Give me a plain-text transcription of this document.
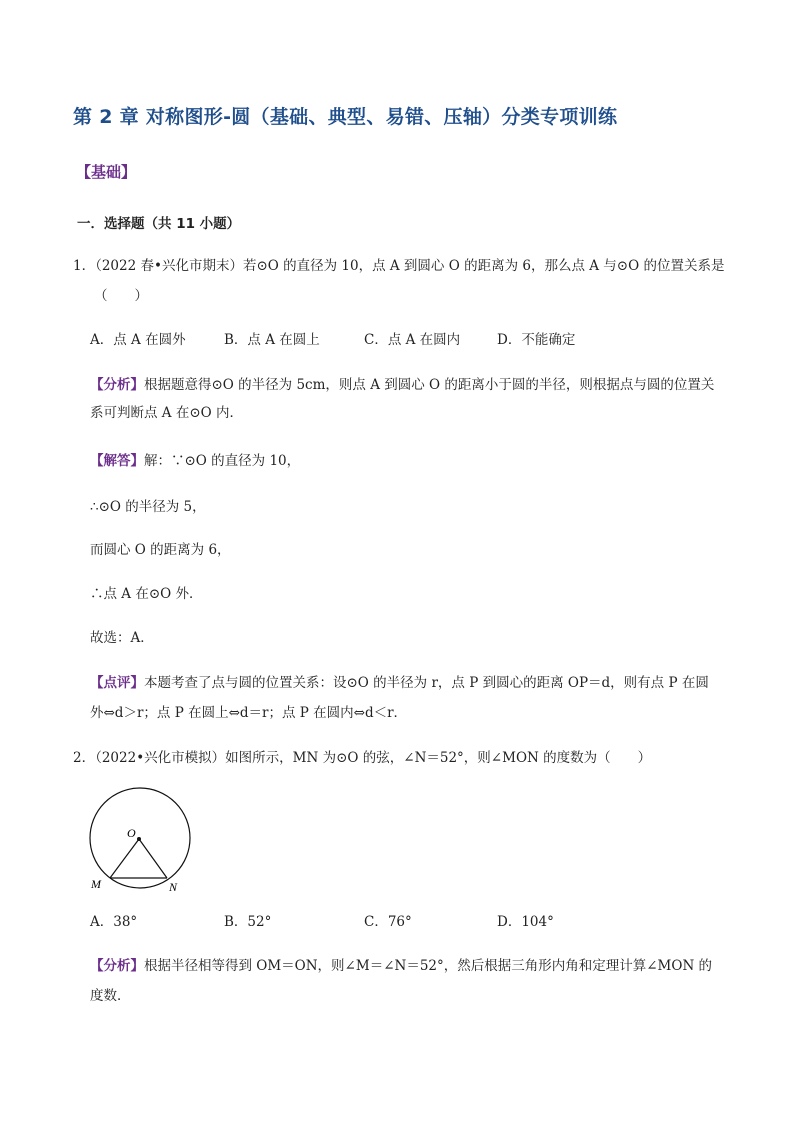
第 2 章 对称图形-圆（基础、典型、易错、压轴）分类专项训练
【基础】
一．选择题（共 11 小题）
1．（2022 春•兴化市期末）若⊙O 的直径为 10，点 A 到圆心 O 的距离为 6，那么点 A 与⊙O 的位置关系是
（　　）
A．点 A 在圆外	B．点 A 在圆上	C．点 A 在圆内	D．不能确定
【分析】根据题意得⊙O 的半径为 5cm，则点 A 到圆心 O 的距离小于圆的半径，则根据点与圆的位置关
系可判断点 A 在⊙O 内．
【解答】解：∵⊙O 的直径为 10，
∴⊙O 的半径为 5，
而圆心 O 的距离为 6，
∴点 A 在⊙O 外．
故选：A．
【点评】本题考查了点与圆的位置关系：设⊙O 的半径为 r，点 P 到圆心的距离 OP＝d，则有点 P 在圆
外⇔d＞r；点 P 在圆上⇔d＝r；点 P 在圆内⇔d＜r．
2．（2022•兴化市模拟）如图所示，MN 为⊙O 的弦，∠N＝52°，则∠MON 的度数为（　　）
O
M	N
A．38°	B．52°	C．76°	D．104°
【分析】根据半径相等得到 OM＝ON，则∠M＝∠N＝52°，然后根据三角形内角和定理计算∠MON 的
度数．
